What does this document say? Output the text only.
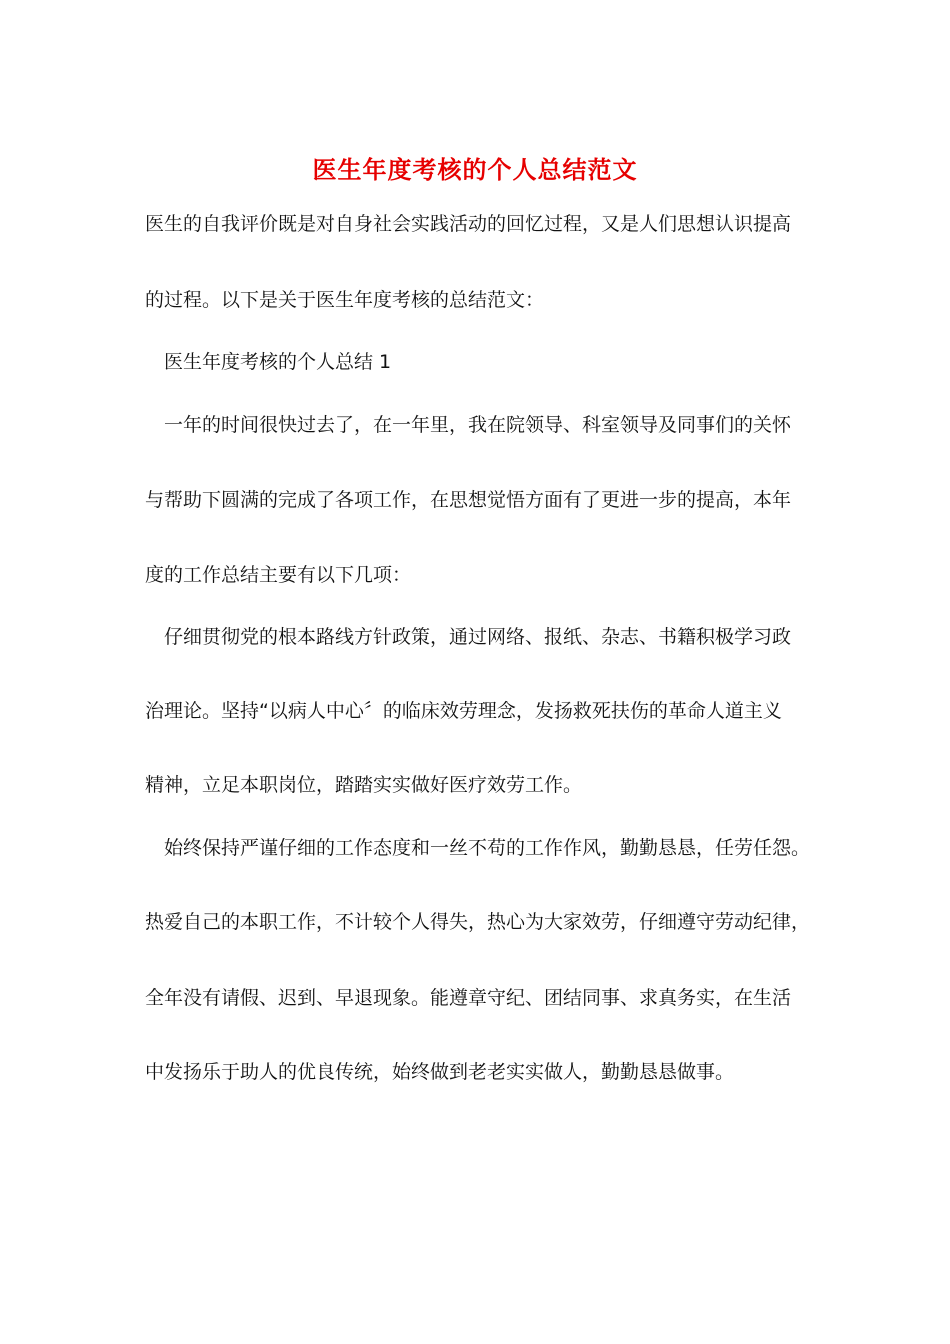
医生年度考核的个人总结范文
医生的自我评价既是对自身社会实践活动的回忆过程，又是人们思想认识提高
的过程。以下是关于医生年度考核的总结范文：
医生年度考核的个人总结 1
一年的时间很快过去了，在一年里，我在院领导、科室领导及同事们的关怀
与帮助下圆满的完成了各项工作，在思想觉悟方面有了更进一步的提高，本年
度的工作总结主要有以下几项：
仔细贯彻党的根本路线方针政策，通过网络、报纸、杂志、书籍积极学习政
治理论。坚持“以病人中心〞的临床效劳理念，发扬救死扶伤的革命人道主义
精神，立足本职岗位，踏踏实实做好医疗效劳工作。
始终保持严谨仔细的工作态度和一丝不苟的工作作风，勤勤恳恳，任劳任怨。
热爱自己的本职工作，不计较个人得失，热心为大家效劳，仔细遵守劳动纪律，
全年没有请假、迟到、早退现象。能遵章守纪、团结同事、求真务实，在生活
中发扬乐于助人的优良传统，始终做到老老实实做人，勤勤恳恳做事。
